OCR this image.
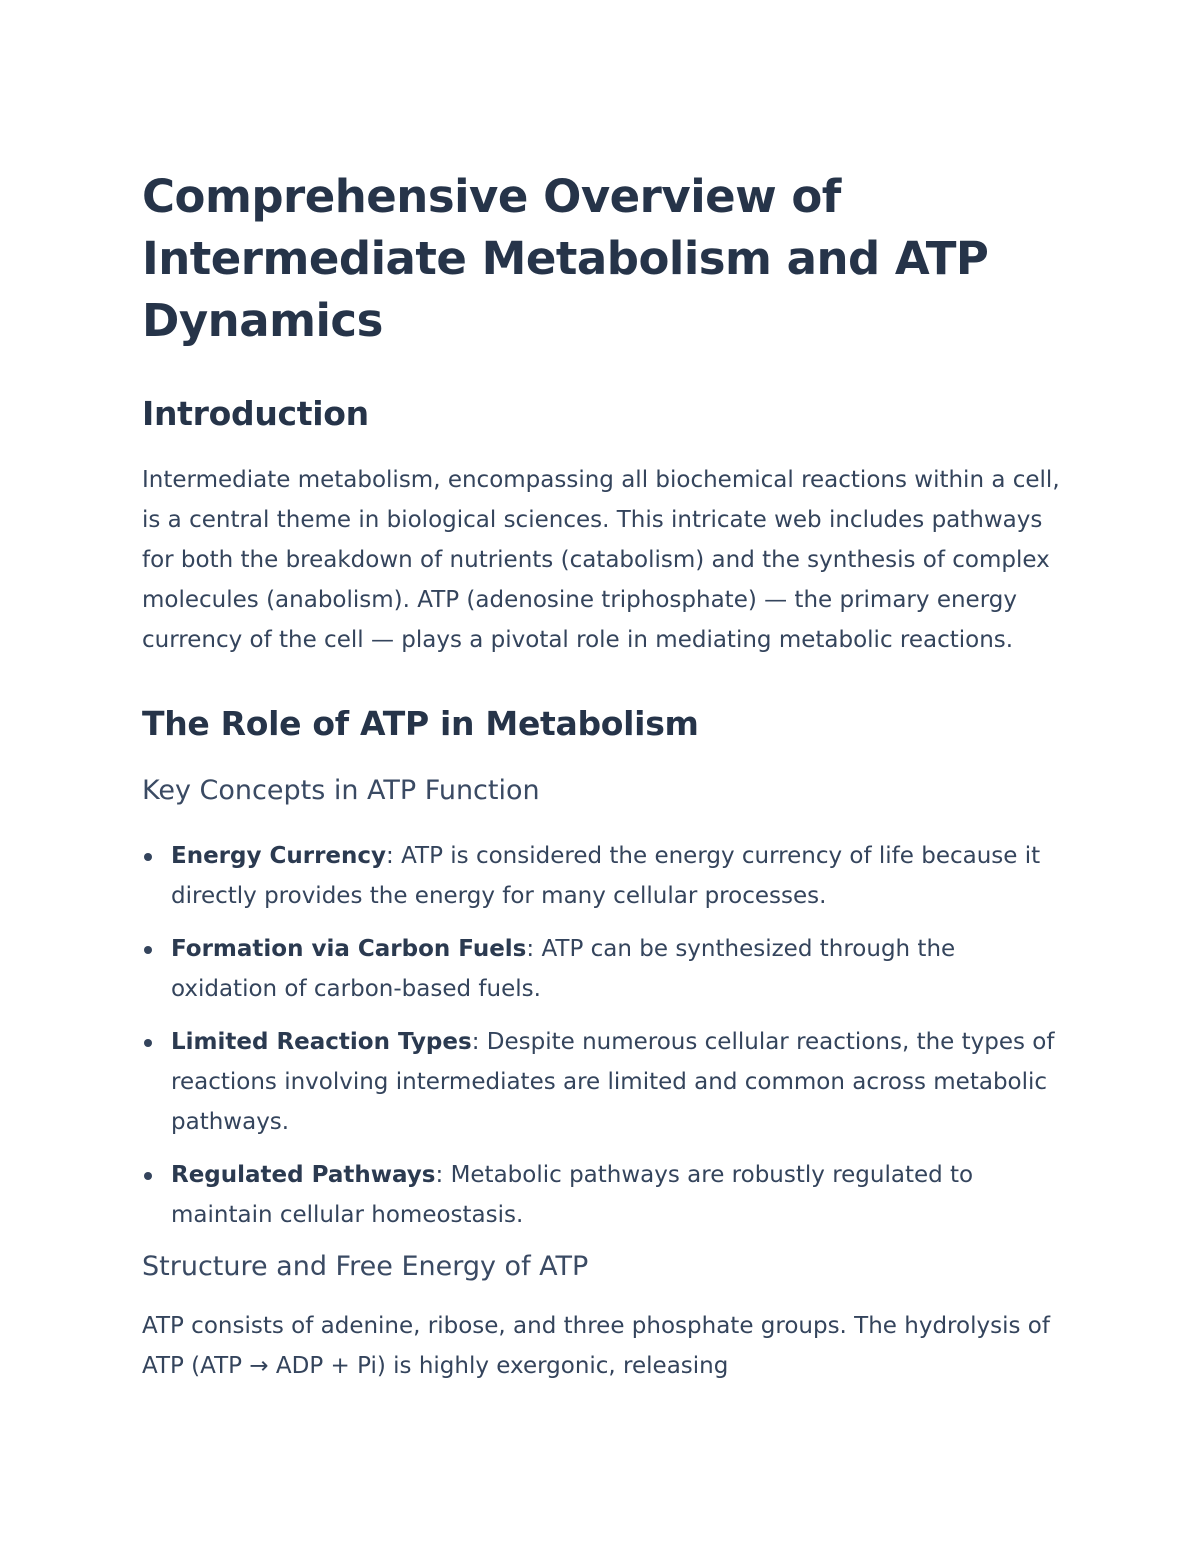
Comprehensive Overview of Intermediate Metabolism and ATP Dynamics
Introduction

Intermediate metabolism, encompassing all biochemical reactions within a cell, is a central theme in biological sciences. This intricate web includes pathways for both the breakdown of nutrients (catabolism) and the synthesis of complex molecules (anabolism). ATP (adenosine triphosphate) — the primary energy currency of the cell — plays a pivotal role in mediating metabolic reactions.

The Role of ATP in Metabolism
Key Concepts in ATP Function
Energy Currency: ATP is considered the energy currency of life because it directly provides the energy for many cellular processes.
Formation via Carbon Fuels: ATP can be synthesized through the oxidation of carbon-based fuels.
Limited Reaction Types: Despite numerous cellular reactions, the types of reactions involving intermediates are limited and common across metabolic pathways.
Regulated Pathways: Metabolic pathways are robustly regulated to maintain cellular homeostasis.
Structure and Free Energy of ATP

ATP consists of adenine, ribose, and three phosphate groups. The hydrolysis of ATP (ATP → ADP + Pi) is highly exergonic, releasing
